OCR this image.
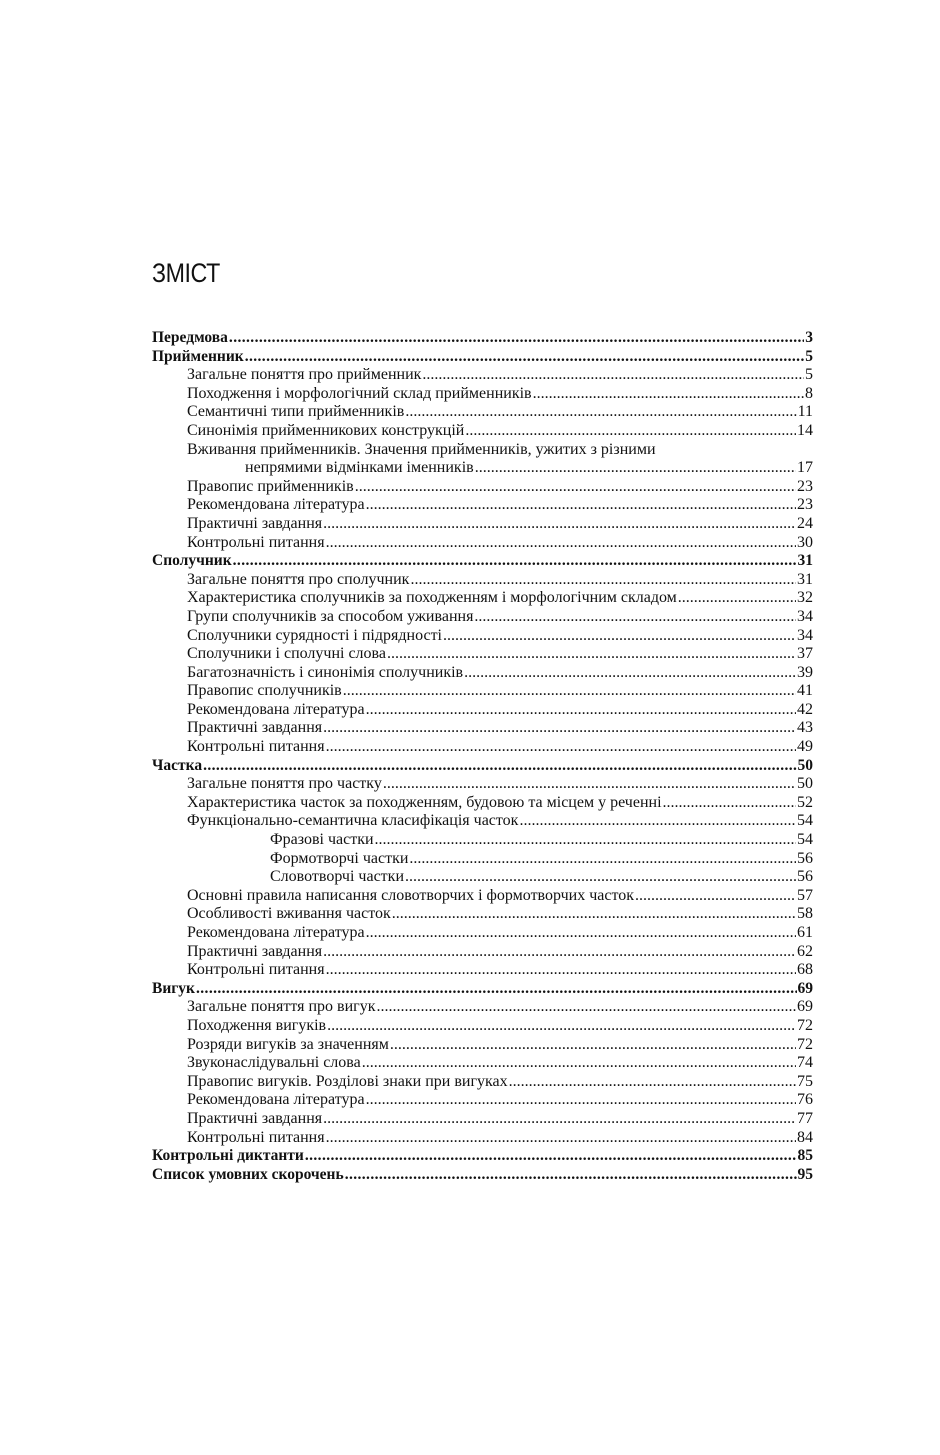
ЗМІСТ
Передмова .....	3
Прийменник .....	5
Загальне поняття про прийменник .....	5
Походження і морфологічний склад прийменників .....	8
Семантичні типи прийменників .....	11
Синонімія прийменникових конструкцій .....	14
Вживання прийменників. Значення прийменників, ужитих з різними
непрямими відмінками іменників .....	17
Правопис прийменників .....	23
Рекомендована література .....	23
Практичні завдання .....	24
Контрольні питання .....	30
Сполучник .....	31
Загальне поняття про сполучник .....	31
Характеристика сполучників за походженням і морфологічним складом .....	32
Групи сполучників за способом уживання .....	34
Сполучники сурядності і підрядності .....	34
Сполучники і сполучні слова .....	37
Багатозначність і синонімія сполучників .....	39
Правопис сполучників .....	41
Рекомендована література .....	42
Практичні завдання .....	43
Контрольні питання .....	49
Частка .....	50
Загальне поняття про частку .....	50
Характеристика часток за походженням, будовою та місцем у реченні .....	52
Функціонально-семантична класифікація часток .....	54
Фразові частки .....	54
Формотворчі частки .....	56
Словотворчі частки .....	56
Основні правила написання словотворчих і формотворчих часток .....	57
Особливості вживання часток .....	58
Рекомендована література .....	61
Практичні завдання .....	62
Контрольні питання .....	68
Вигук .....	69
Загальне поняття про вигук .....	69
Походження вигуків .....	72
Розряди вигуків за значенням .....	72
Звуконаслідувальні слова .....	74
Правопис вигуків. Розділові знаки при вигуках .....	75
Рекомендована література .....	76
Практичні завдання .....	77
Контрольні питання .....	84
Контрольні диктанти .....	85
Список умовних скорочень .....	95
